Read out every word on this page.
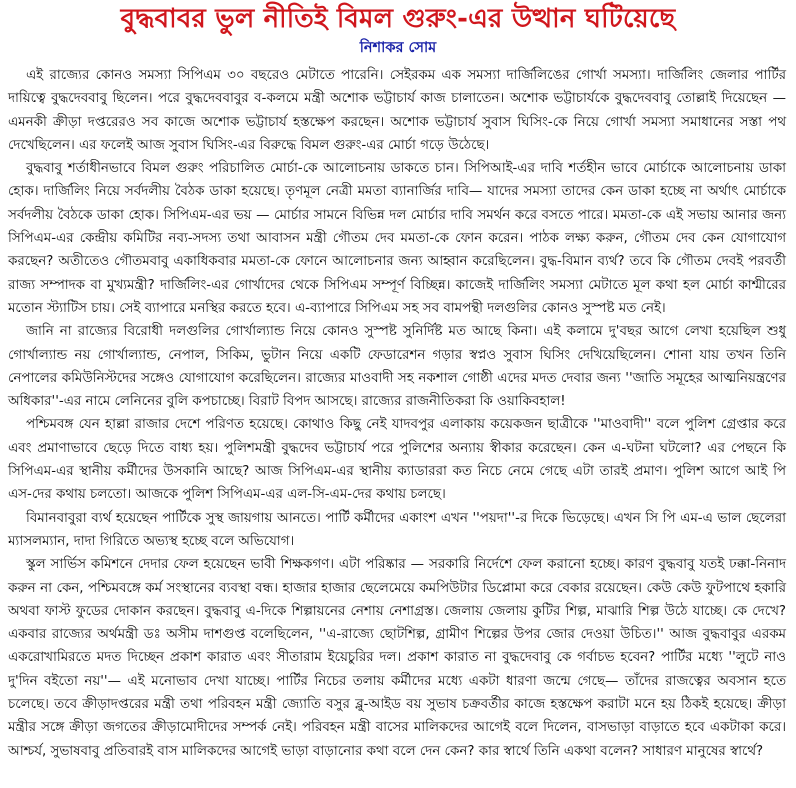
বুদ্ধবাবর ভুল নীতিই বিমল গুরুং-এর উত্থান ঘটিয়েছে
নিশাকর সোম

এই রাজ্যের কোনও সমস্যা সিপিএম ৩০ বছরেও মেটাতে পারেনি। সেইরকম এক সমস্যা দার্জিলিঙের গোর্খা সমস্যা। দার্জিলিং জেলার পার্টির দায়িত্বে বুদ্ধদেববাবু ছিলেন। পরে বুদ্ধদেববাবুর ব-কলমে মন্ত্রী অশোক ভট্টাচার্য কাজ চালাতেন। অশোক ভট্টাচার্যকে বুদ্ধদেববাবু তোল্লাই দিয়েছেন — এমনকী ক্রীড়া দপ্তরেরও সব কাজে অশোক ভট্টাচার্য হস্তক্ষেপ করছেন। অশোক ভট্টাচার্য সুবাস ঘিসিং-কে নিয়ে গোর্খা সমস্যা সমাধানের সস্তা পথ দেখেছিলেন। এর ফলেই আজ সুবাস ঘিসিং-এর বিরুদ্ধে বিমল গুরুং-এর মোর্চা গড়ে উঠেছে।

বুদ্ধবাবু শর্তাধীনভাবে বিমল গুরুং পরিচালিত মোর্চা-কে আলোচনায় ডাকতে চান। সিপিআই-এর দাবি শর্তহীন ভাবে মোর্চাকে আলোচনায় ডাকা হোক। দার্জিলিং নিয়ে সর্বদলীয় বৈঠক ডাকা হয়েছে। তৃণমূল নেত্রী মমতা ব্যানার্জির দাবি— যাদের সমস্যা তাদের কেন ডাকা হচ্ছে না অর্থাৎ মোর্চাকে সর্বদলীয় বৈঠকে ডাকা হোক। সিপিএম-এর ভয় — মোর্চার সামনে বিভিন্ন দল মোর্চার দাবি সমর্থন করে বসতে পারে। মমতা-কে এই সভায় আনার জন্য সিপিএম-এর কেন্দ্রীয় কমিটির নব্য-সদস্য তথা আবাসন মন্ত্রী গৌতম দেব মমতা-কে ফোন করেন। পাঠক লক্ষ্য করুন, গৌতম দেব কেন যোগাযোগ করছেন? অতীতেও গৌতমবাবু একাধিকবার মমতা-কে ফোনে আলোচনার জন্য আহ্বান করেছিলেন। বুদ্ধ-বিমান ব্যর্থ? তবে কি গৌতম দেবই পরবর্তী রাজ্য সম্পাদক বা মুখ্যমন্ত্রী? দার্জিলিং-এর গোর্খাদের থেকে সিপিএম সম্পূর্ণ বিচ্ছিন্ন। কাজেই দার্জিলিং সমস্যা মেটাতে মূল কথা হল মোর্চা কাশ্মীরের মতোন স্ট্যাটিস চায়। সেই ব্যাপারে মনস্থির করতে হবে। এ-ব্যাপারে সিপিএম সহ সব বামপন্থী দলগুলির কোনও সুস্পষ্ট মত নেই।

জানি না রাজ্যের বিরোধী দলগুলির গোর্খাল্যান্ড নিয়ে কোনও সুস্পষ্ট সুনির্দিষ্ট মত আছে কিনা। এই কলামে দু'বছর আগে লেখা হয়েছিল শুধু গোর্খাল্যান্ড নয় গোর্খাল্যান্ড, নেপাল, সিকিম, ভুটান নিয়ে একটি ফেডারেশন গড়ার স্বপ্নও সুবাস ঘিসিং দেখিয়েছিলেন। শোনা যায় তখন তিনি নেপালের কমিউনিস্টদের সঙ্গেও যোগাযোগ করেছিলেন। রাজ্যের মাওবাদী সহ নকশাল গোষ্ঠী এদের মদত দেবার জন্য ''জাতি সমূহের আত্মনিয়ন্ত্রণের অধিকার''-এর নামে লেনিনের বুলি কপচাচ্ছে। বিরাট বিপদ আসছে। রাজ্যের রাজনীতিকরা কি ওয়াকিবহাল!

পশ্চিমবঙ্গ যেন হাল্লা রাজার দেশে পরিণত হয়েছে। কোথাও কিছু নেই যাদবপুর এলাকায় কয়েকজন ছাত্রীকে ''মাওবাদী'' বলে পুলিশ গ্রেপ্তার করে এবং প্রমাণাভাবে ছেড়ে দিতে বাধ্য হয়। পুলিশমন্ত্রী বুদ্ধদেব ভট্টাচার্য পরে পুলিশের অন্যায় স্বীকার করেছেন। কেন এ-ঘটনা ঘটলো? এর পেছনে কি সিপিএম-এর স্থানীয় কর্মীদের উসকানি আছে? আজ সিপিএম-এর স্থানীয় ক্যাডাররা কত নিচে নেমে গেছে এটা তারই প্রমাণ। পুলিশ আগে আই পি এস-দের কথায় চলতো। আজকে পুলিশ সিপিএম-এর এল-সি-এম-দের কথায় চলছে।

বিমানবাবুরা ব্যর্থ হয়েছেন পার্টিকে সুস্থ জায়গায় আনতে। পার্টি কর্মীদের একাংশ এখন ''পয়দা''-র দিকে ভিড়েছে। এখন সি পি এম-এ ভাল ছেলেরা ম্যাসলম্যান, দাদা গিরিতে অভ্যস্থ হচ্ছে বলে অভিযোগ।

স্কুল সার্ভিস কমিশনে দেদার ফেল হয়েছেন ভাবী শিক্ষকগণ। এটা পরিষ্কার — সরকারি নির্দেশে ফেল করানো হচ্ছে। কারণ বুদ্ধবাবু যতই ঢক্কা-নিনাদ করুন না কেন, পশ্চিমবঙ্গে কর্ম সংস্থানের ব্যবস্থা বন্ধ। হাজার হাজার ছেলেমেয়ে কমপিউটার ডিপ্লোমা করে বেকার রয়েছেন। কেউ কেউ ফুটপাথে হকারি অথবা ফাস্ট ফুডের দোকান করছেন। বুদ্ধবাবু এ-দিকে শিল্পায়নের নেশায় নেশাগ্রস্ত। জেলায় জেলায় কুটির শিল্প, মাঝারি শিল্প উঠে যাচ্ছে। কে দেখে? একবার রাজ্যের অর্থমন্ত্রী ডঃ অসীম দাশগুপ্ত বলেছিলেন, ''এ-রাজ্যে ছোটশিল্প, গ্রামীণ শিল্পের উপর জোর দেওয়া উচিত।'' আজ বুদ্ধবাবুর এরকম একরোখামিরতে মদত দিচ্ছেন প্রকাশ কারাত এবং সীতারাম ইয়েচুরির দল। প্রকাশ কারাত না বুদ্ধদেবাবু কে গর্বাচভ হবেন? পার্টির মধ্যে ''লুটে নাও দু'দিন বইতো নয়''— এই মনোভাব দেখা যাচ্ছে। পার্টির নিচের তলায় কর্মীদের মধ্যে একটা ধারণা জন্মে গেছে— তাঁদের রাজত্বের অবসান হতে চলেছে। তবে ক্রীড়াদপ্তরের মন্ত্রী তথা পরিবহন মন্ত্রী জ্যোতি বসুর ব্লু-আইড বয় সুভাষ চক্রবর্তীর কাজে হস্তক্ষেপ করাটা মনে হয় ঠিকই হয়েছে। ক্রীড়া মন্ত্রীর সঙ্গে ক্রীড়া জগতের ক্রীড়ামোদীদের সম্পর্ক নেই। পরিবহন মন্ত্রী বাসের মালিকদের আগেই বলে দিলেন, বাসভাড়া বাড়াতে হবে একটাকা করে। আশ্চর্য, সুভাষবাবু প্রতিবারই বাস মালিকদের আগেই ভাড়া বাড়ানোর কথা বলে দেন কেন? কার স্বার্থে তিনি একথা বলেন? সাধারণ মানুষের স্বার্থে?
